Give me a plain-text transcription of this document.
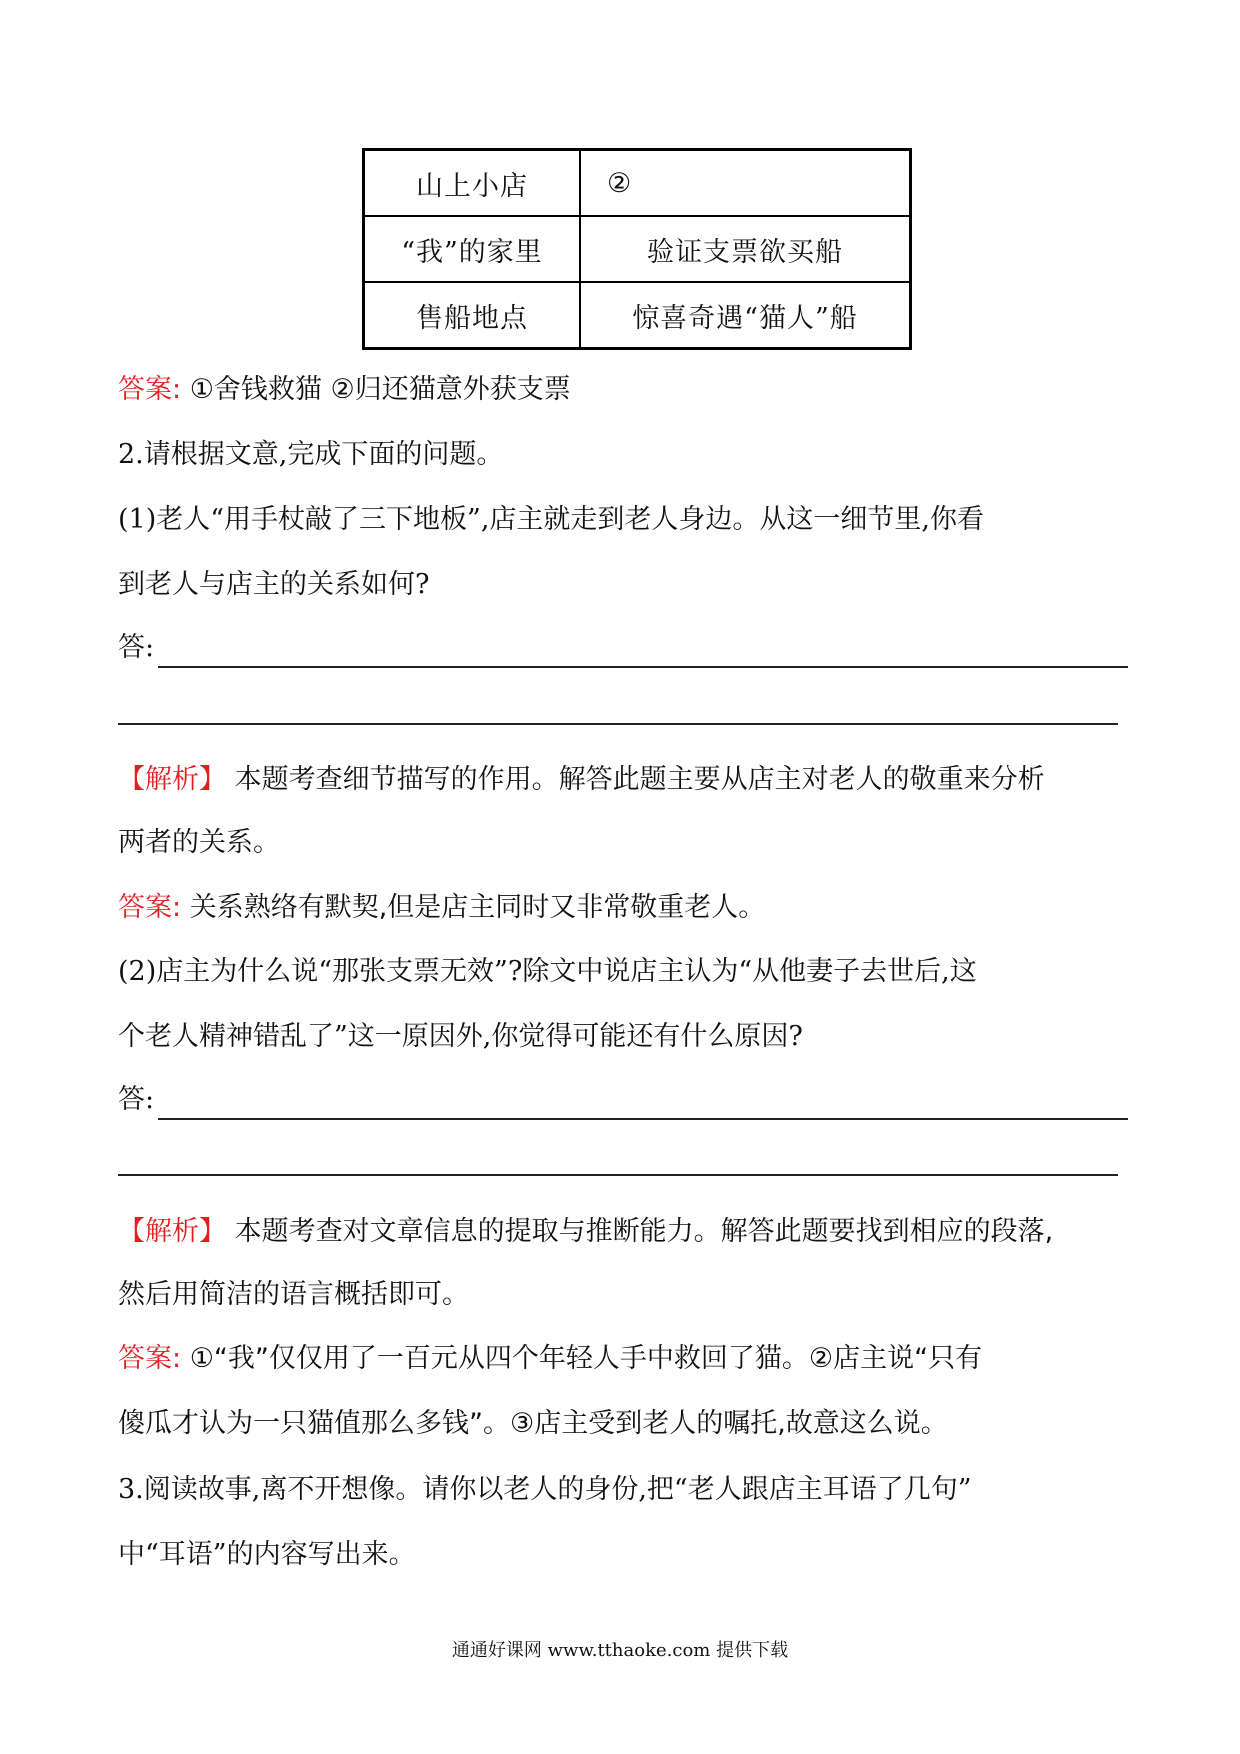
山上小店	②
“我”的家里	验证支票欲买船
售船地点	惊喜奇遇“猫人”船
答案: ①舍钱救猫 ②归还猫意外获支票
2.请根据文意,完成下面的问题。
(1)老人“用手杖敲了三下地板”,店主就走到老人身边。从这一细节里,你看
到老人与店主的关系如何?
答:
【解析】 本题考查细节描写的作用。解答此题主要从店主对老人的敬重来分析
两者的关系。
答案: 关系熟络有默契,但是店主同时又非常敬重老人。
(2)店主为什么说“那张支票无效”?除文中说店主认为“从他妻子去世后,这
个老人精神错乱了”这一原因外,你觉得可能还有什么原因?
答:
【解析】 本题考查对文章信息的提取与推断能力。解答此题要找到相应的段落,
然后用简洁的语言概括即可。
答案: ①“我”仅仅用了一百元从四个年轻人手中救回了猫。②店主说“只有
傻瓜才认为一只猫值那么多钱”。③店主受到老人的嘱托,故意这么说。
3.阅读故事,离不开想像。请你以老人的身份,把“老人跟店主耳语了几句”
中“耳语”的内容写出来。
通通好课网 www.tthaoke.com 提供下载
